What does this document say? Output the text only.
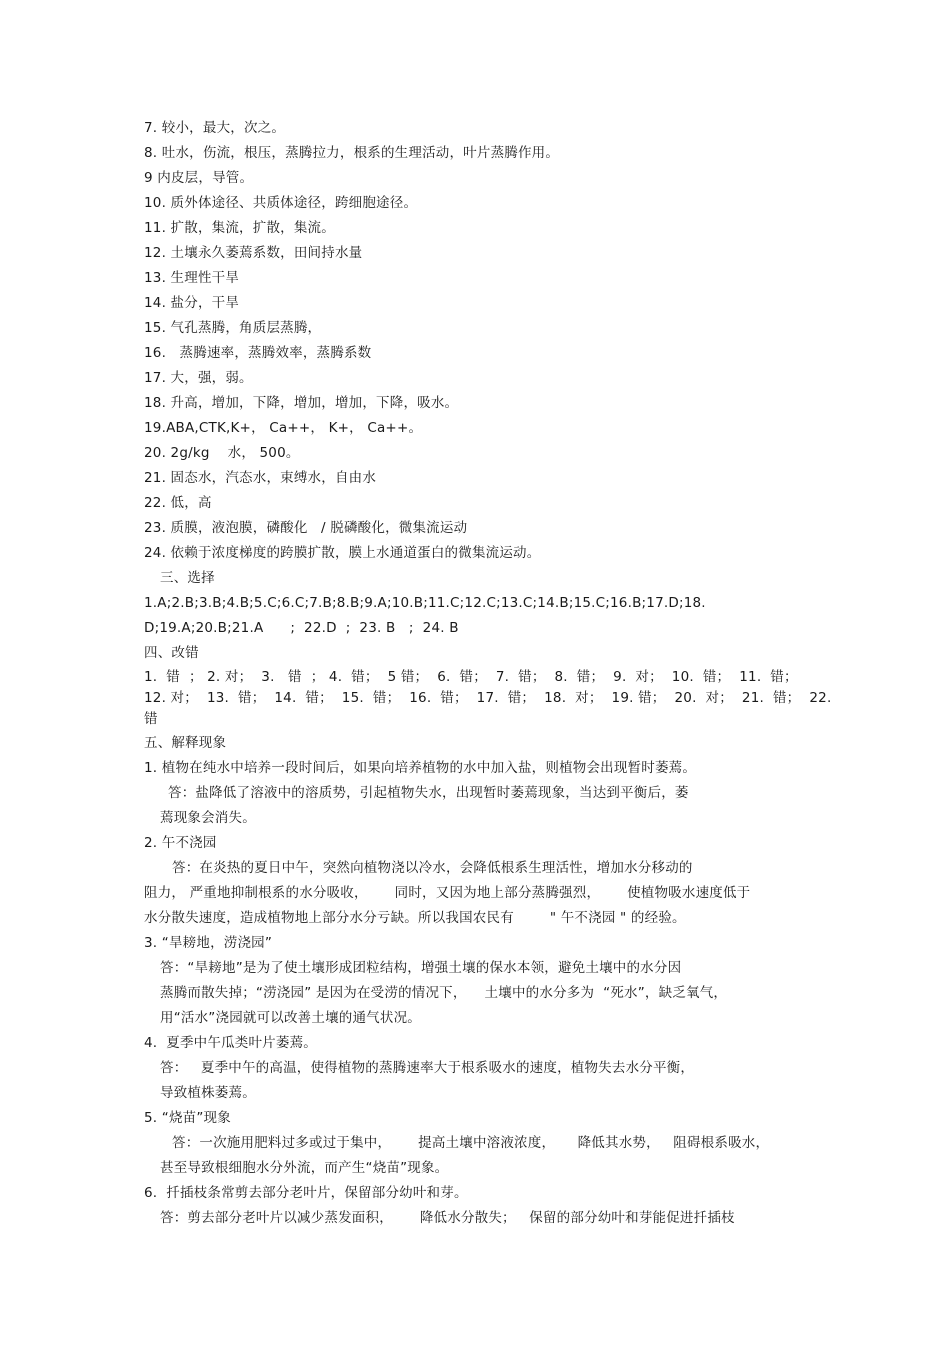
7. 较小，最大，次之。
8. 吐水，伤流，根压，蒸腾拉力，根系的生理活动，叶片蒸腾作用。
9 内皮层，导管。
10. 质外体途径、共质体途径，跨细胞途径。
11. 扩散，集流，扩散，集流。
12. 土壤永久萎蔫系数，田间持水量
13. 生理性干旱
14. 盐分，干旱
15. 气孔蒸腾，角质层蒸腾，
16.   蒸腾速率，蒸腾效率，蒸腾系数
17. 大，强，弱。
18. 升高，增加，下降，增加，增加，下降，吸水。
19.ABA,CTK,K+， Ca++， K+， Ca++。
20. 2g/kg    水， 500。
21. 固态水，汽态水，束缚水，自由水
22. 低，高
23. 质膜，液泡膜，磷酸化   / 脱磷酸化，微集流运动
24. 依赖于浓度梯度的跨膜扩散，膜上水通道蛋白的微集流运动。
三、选择
1.A;2.B;3.B;4.B;5.C;6.C;7.B;8.B;9.A;10.B;11.C;12.C;13.C;14.B;15.C;16.B;17.D;18.
D;19.A;20.B;21.A      ;  22.D  ;  23. B   ;  24. B
四、改错
1.  错  ； 2. 对；  3.   错  ； 4.  错；  5 错；  6.  错；  7.  错；  8.  错；  9.  对；  10.  错；  11.  错；
12. 对；  13.  错；  14.  错；  15.  错；  16.  错；  17.  错；  18.  对；  19. 错；  20.  对；  21.  错；  22.
错
五、解释现象
1. 植物在纯水中培养一段时间后，如果向培养植物的水中加入盐，则植物会出现暂时萎蔫。
答：盐降低了溶液中的溶质势，引起植物失水，出现暂时萎蔫现象，当达到平衡后，萎
蔫现象会消失。
2. 午不浇园
答：在炎热的夏日中午，突然向植物浇以冷水，会降低根系生理活性，增加水分移动的
阻力， 严重地抑制根系的水分吸收，      同时，又因为地上部分蒸腾强烈，      使植物吸水速度低于
水分散失速度，造成植物地上部分水分亏缺。所以我国农民有        " 午不浇园 " 的经验。
3. “旱耪地，涝浇园”
答：“旱耪地”是为了使土壤形成团粒结构，增强土壤的保水本领，避免土壤中的水分因
蒸腾而散失掉；“涝浇园” 是因为在受涝的情况下，    土壤中的水分多为  “死水”，缺乏氧气，
用“活水”浇园就可以改善土壤的通气状况。
4.  夏季中午瓜类叶片萎蔫。
答：   夏季中午的高温，使得植物的蒸腾速率大于根系吸水的速度，植物失去水分平衡，
导致植株萎蔫。
5. “烧苗”现象
答：一次施用肥料过多或过于集中，      提高土壤中溶液浓度，     降低其水势，   阻碍根系吸水，
甚至导致根细胞水分外流，而产生“烧苗”现象。
6.  扦插枝条常剪去部分老叶片，保留部分幼叶和芽。
答：剪去部分老叶片以减少蒸发面积，      降低水分散失；   保留的部分幼叶和芽能促进扦插枝
